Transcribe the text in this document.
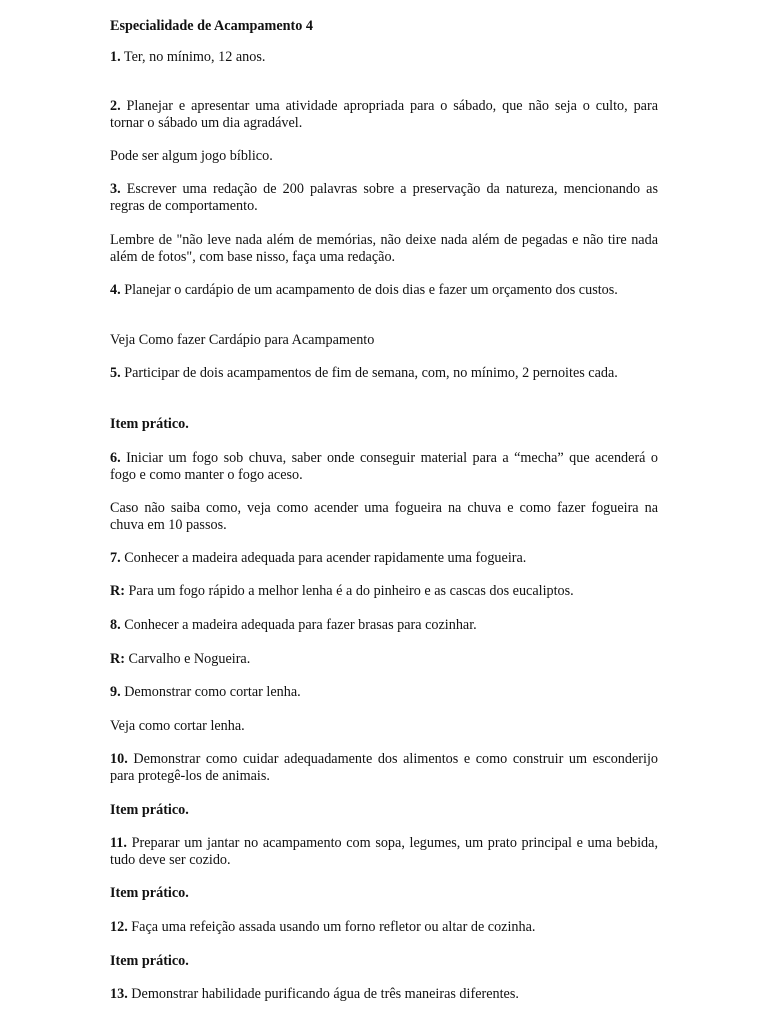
Especialidade de Acampamento 4

1. Ter, no mínimo, 12 anos.

2. Planejar e apresentar uma atividade apropriada para o sábado, que não seja o culto, para tornar o sábado um dia agradável.

Pode ser algum jogo bíblico.

3. Escrever uma redação de 200 palavras sobre a preservação da natureza, mencionando as regras de comportamento.

Lembre de "não leve nada além de memórias, não deixe nada além de pegadas e não tire nada além de fotos", com base nisso, faça uma redação.

4. Planejar o cardápio de um acampamento de dois dias e fazer um orçamento dos custos.

Veja Como fazer Cardápio para Acampamento

5. Participar de dois acampamentos de fim de semana, com, no mínimo, 2 pernoites cada.

Item prático.

6. Iniciar um fogo sob chuva, saber onde conseguir material para a “mecha” que acenderá o fogo e como manter o fogo aceso.

Caso não saiba como, veja como acender uma fogueira na chuva e como fazer fogueira na chuva em 10 passos.

7. Conhecer a madeira adequada para acender rapidamente uma fogueira.

R: Para um fogo rápido a melhor lenha é a do pinheiro e as cascas dos eucaliptos.

8. Conhecer a madeira adequada para fazer brasas para cozinhar.

R: Carvalho e Nogueira.

9. Demonstrar como cortar lenha.

Veja como cortar lenha.

10. Demonstrar como cuidar adequadamente dos alimentos e como construir um esconderijo para protegê-los de animais.

Item prático.

11. Preparar um jantar no acampamento com sopa, legumes, um prato principal e uma bebida, tudo deve ser cozido.

Item prático.

12. Faça uma refeição assada usando um forno refletor ou altar de cozinha.

Item prático.

13. Demonstrar habilidade purificando água de três maneiras diferentes.
